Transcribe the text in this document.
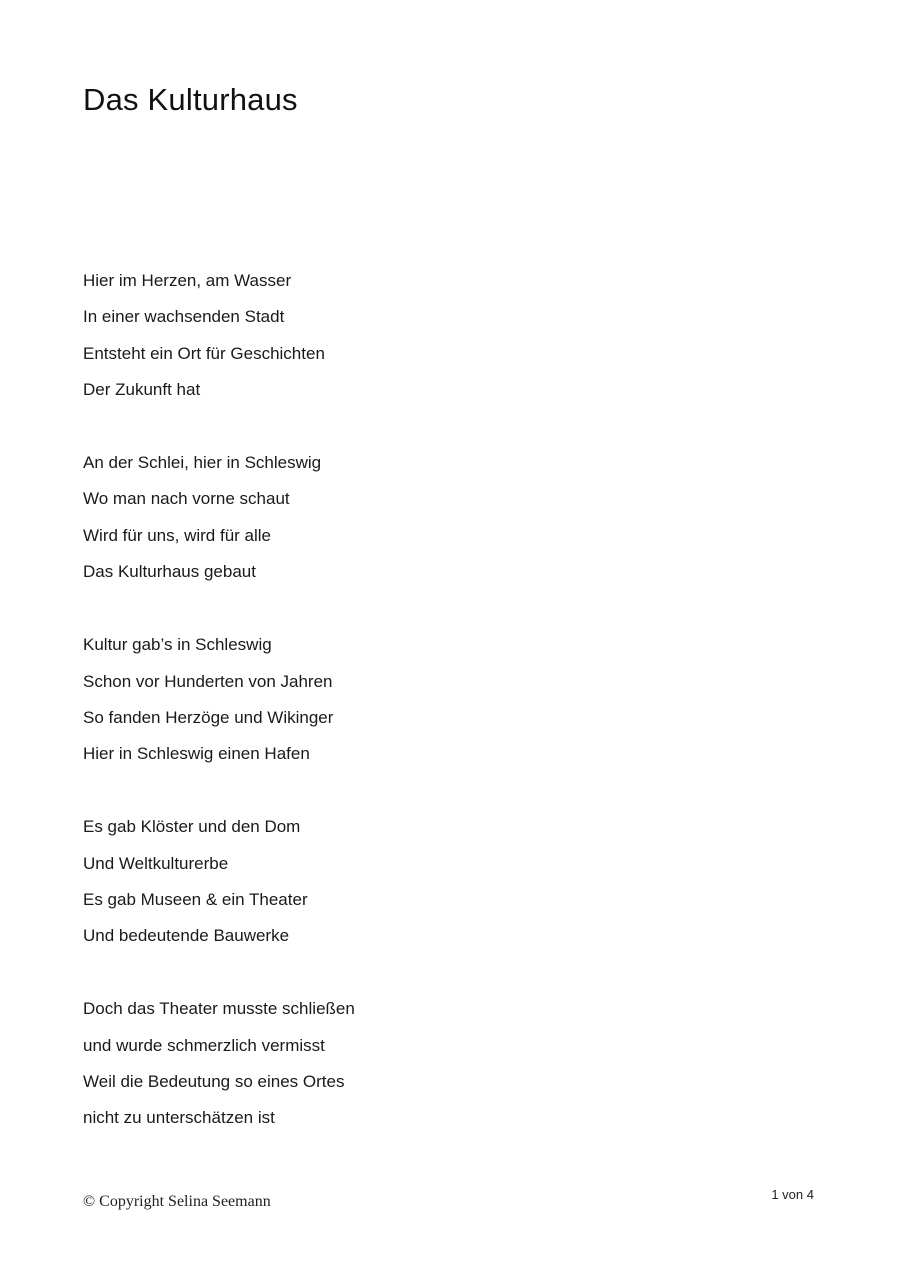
Das Kulturhaus
Hier im Herzen, am Wasser
In einer wachsenden Stadt
Entsteht ein Ort für Geschichten
Der Zukunft hat
An der Schlei, hier in Schleswig
Wo man nach vorne schaut
Wird für uns, wird für alle
Das Kulturhaus gebaut
Kultur gab’s in Schleswig
Schon vor Hunderten von Jahren
So fanden Herzöge und Wikinger
Hier in Schleswig einen Hafen
Es gab Klöster und den Dom
Und Weltkulturerbe
Es gab Museen & ein Theater
Und bedeutende Bauwerke
Doch das Theater musste schließen
und wurde schmerzlich vermisst
Weil die Bedeutung so eines Ortes
nicht zu unterschätzen ist
© Copyright Selina Seemann	1 von 4
